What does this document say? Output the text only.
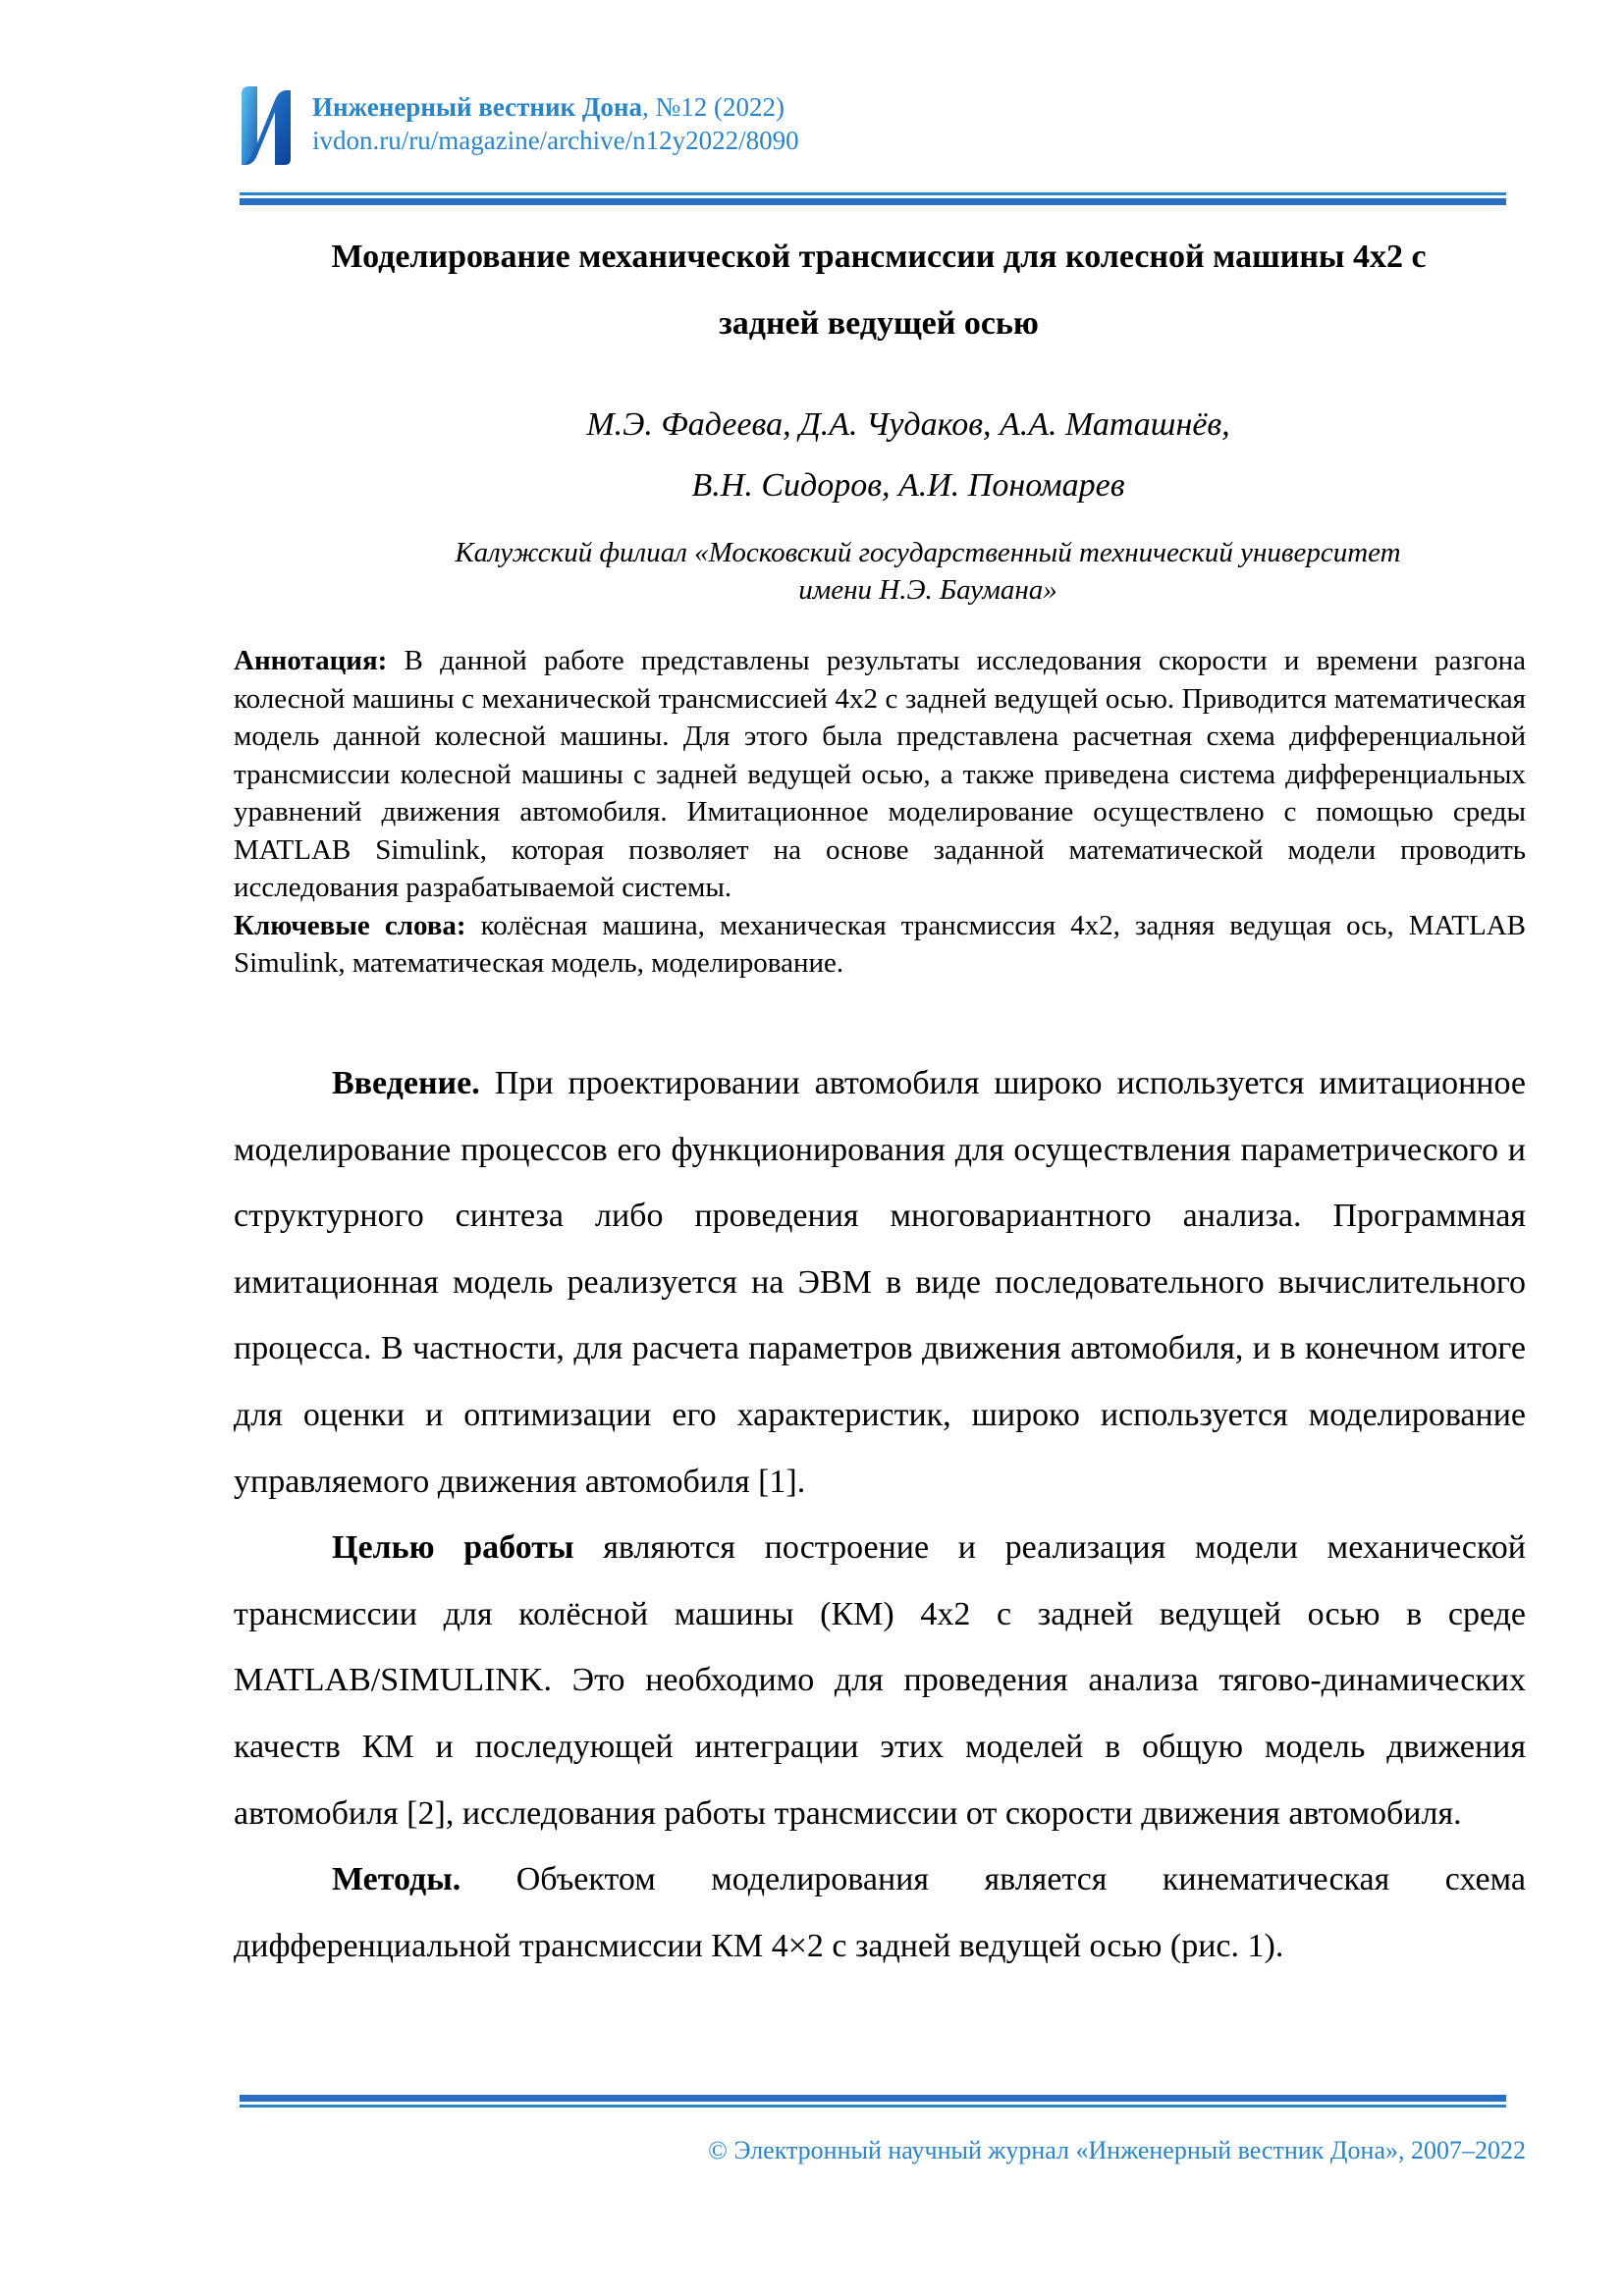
Инженерный вестник Дона, №12 (2022)
ivdon.ru/ru/magazine/archive/n12y2022/8090
Моделирование механической трансмиссии для колесной машины 4х2 с
задней ведущей осью
М.Э. Фадеева, Д.А. Чудаков, А.А. Маташнёв,
В.Н. Сидоров, А.И. Пономарев
Калужский филиал «Московский государственный технический университет
имени Н.Э. Баумана»

Аннотация: В данной работе представлены результаты исследования скорости и времени разгона колесной машины с механической трансмиссией 4х2 с задней ведущей осью. Приводится математическая модель данной колесной машины. Для этого была представлена расчетная схема дифференциальной трансмиссии колесной машины с задней ведущей осью, а также приведена система дифференциальных уравнений движения автомобиля. Имитационное моделирование осуществлено с помощью среды MATLAB Simulink, которая позволяет на основе заданной математической модели проводить исследования разрабатываемой системы.

Ключевые слова: колёсная машина, механическая трансмиссия 4х2, задняя ведущая ось, MATLAB Simulink, математическая модель, моделирование.

Введение. При проектировании автомобиля широко используется имитационное моделирование процессов его функционирования для осуществления параметрического и структурного синтеза либо проведения многовариантного анализа. Программная имитационная модель реализуется на ЭВМ в виде последовательного вычислительного процесса. В частности, для расчета параметров движения автомобиля, и в конечном итоге для оценки и оптимизации его характеристик, широко используется моделирование управляемого движения автомобиля [1].

Целью работы являются построение и реализация модели механической трансмиссии для колёсной машины (КМ) 4х2 с задней ведущей осью в среде MATLAB/SIMULINK. Это необходимо для проведения анализа тягово-динамических качеств КМ и последующей интеграции этих моделей в общую модель движения автомобиля [2], исследования работы трансмиссии от скорости движения автомобиля.

Методы. Объектом моделирования является кинематическая схема дифференциальной трансмиссии КМ 4×2 с задней ведущей осью (рис. 1).

© Электронный научный журнал «Инженерный вестник Дона», 2007–2022
